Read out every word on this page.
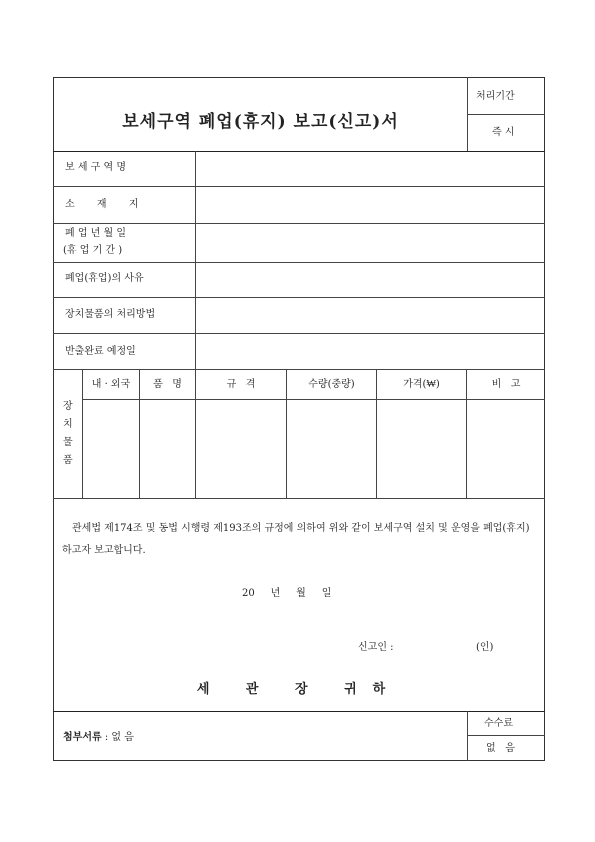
보세구역 폐업(휴지) 보고(신고)서
처리기간
즉 시
보 세 구 역 명
소       재       지
폐 업 년 월 일
(휴 업 기 간 )
폐업(휴업)의 사유
장치물품의 처리방법
반출완료 예정일
장
치
물
품
내 · 외국	품   명	규   격	수량(중량)	가격(₩)	비   고
관세법 제174조 및 동법 시행령 제193조의 규정에 의하여 위와 같이 보세구역 설치 및 운영을 폐업(휴지)하고자 보고합니다.
20     년     월     일
신고인 :	(인)
세 관 장 귀하
첨부서류 : 없 음
수수료
없   음
